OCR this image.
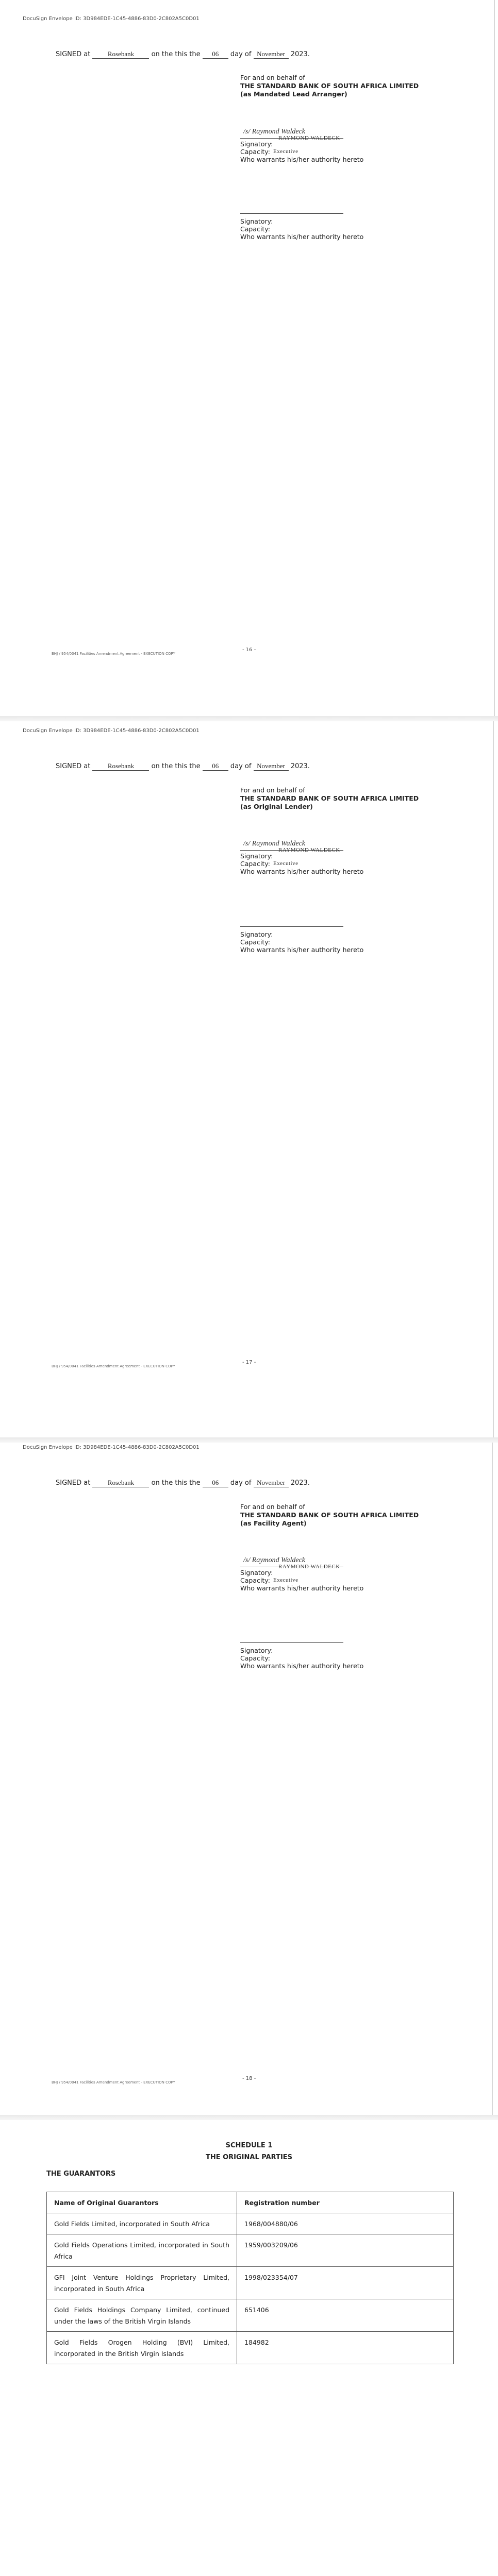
DocuSign Envelope ID: 3D984EDE-1C45-4886-83D0-2C802A5C0D01
SIGNED at	Rosebank	on the this the 06 day of November 2023.
For and on behalf of
THE STANDARD BANK OF SOUTH AFRICA LIMITED
(as Mandated Lead Arranger)
/s/ Raymond Waldeck
RAYMOND WALDECK
Signatory:
Capacity: Executive
Who warrants his/her authority hereto
Signatory:
Capacity:
Who warrants his/her authority hereto
BHJ / 954/0041 Facilities Amendment Agreement - EXECUTION COPY
- 16 -
DocuSign Envelope ID: 3D984EDE-1C45-4886-83D0-2C802A5C0D01
SIGNED at	Rosebank	on the this the 06 day of November 2023.
For and on behalf of
THE STANDARD BANK OF SOUTH AFRICA LIMITED
(as Original Lender)
/s/ Raymond Waldeck
RAYMOND WALDECK
Signatory:
Capacity: Executive
Who warrants his/her authority hereto
Signatory:
Capacity:
Who warrants his/her authority hereto
BHJ / 954/0041 Facilities Amendment Agreement - EXECUTION COPY
- 17 -
DocuSign Envelope ID: 3D984EDE-1C45-4886-83D0-2C802A5C0D01
SIGNED at	Rosebank	on the this the 06 day of November 2023.
For and on behalf of
THE STANDARD BANK OF SOUTH AFRICA LIMITED
(as Facility Agent)
/s/ Raymond Waldeck
RAYMOND WALDECK
Signatory:
Capacity: Executive
Who warrants his/her authority hereto
Signatory:
Capacity:
Who warrants his/her authority hereto
BHJ / 954/0041 Facilities Amendment Agreement - EXECUTION COPY
- 18 -
SCHEDULE 1
THE ORIGINAL PARTIES
THE GUARANTORS
Name of Original Guarantors	Registration number
Gold Fields Limited, incorporated in South Africa	1968/004880/06
Gold Fields Operations Limited, incorporated in South Africa	1959/003209/06
GFI Joint Venture Holdings Proprietary Limited, incorporated in South Africa	1998/023354/07
Gold Fields Holdings Company Limited, continued under the laws of the British Virgin Islands	651406
Gold Fields Orogen Holding (BVI) Limited, incorporated in the British Virgin Islands	184982
